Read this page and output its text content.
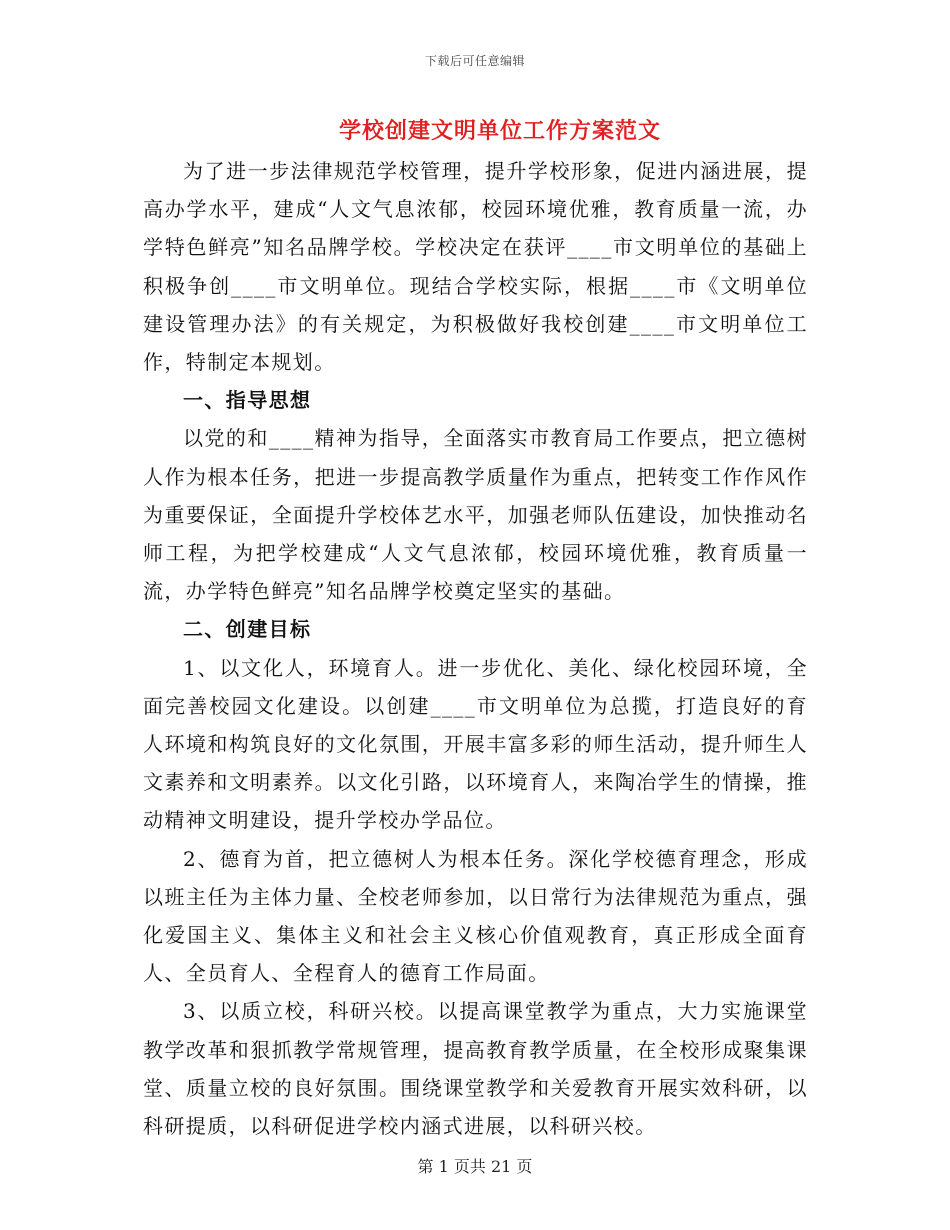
下载后可任意编辑
学校创建文明单位工作方案范文

为了进一步法律规范学校管理，提升学校形象，促进内涵进展，提高办学水平，建成“人文气息浓郁，校园环境优雅，教育质量一流，办学特色鲜亮”知名品牌学校。学校决定在获评____市文明单位的基础上积极争创____市文明单位。现结合学校实际，根据____市《文明单位建设管理办法》的有关规定，为积极做好我校创建____市文明单位工作，特制定本规划。

一、指导思想

以党的和____精神为指导，全面落实市教育局工作要点，把立德树人作为根本任务，把进一步提高教学质量作为重点，把转变工作作风作为重要保证，全面提升学校体艺水平，加强老师队伍建设，加快推动名师工程，为把学校建成“人文气息浓郁，校园环境优雅，教育质量一流，办学特色鲜亮”知名品牌学校奠定坚实的基础。

二、创建目标

1、以文化人，环境育人。进一步优化、美化、绿化校园环境，全面完善校园文化建设。以创建____市文明单位为总揽，打造良好的育人环境和构筑良好的文化氛围，开展丰富多彩的师生活动，提升师生人文素养和文明素养。以文化引路，以环境育人，来陶冶学生的情操，推动精神文明建设，提升学校办学品位。

2、德育为首，把立德树人为根本任务。深化学校德育理念，形成以班主任为主体力量、全校老师参加，以日常行为法律规范为重点，强化爱国主义、集体主义和社会主义核心价值观教育，真正形成全面育人、全员育人、全程育人的德育工作局面。

3、以质立校，科研兴校。以提高课堂教学为重点，大力实施课堂教学改革和狠抓教学常规管理，提高教育教学质量，在全校形成聚集课堂、质量立校的良好氛围。围绕课堂教学和关爱教育开展实效科研，以科研提质，以科研促进学校内涵式进展，以科研兴校。

第 1 页共 21 页
